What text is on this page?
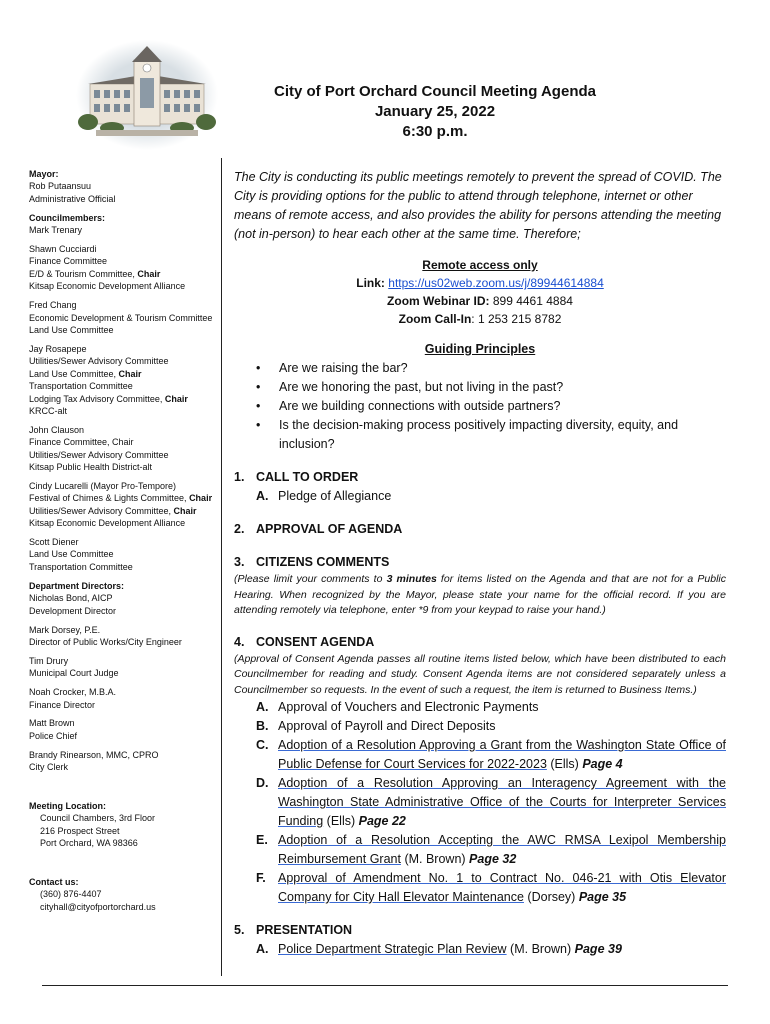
City of Port Orchard Council Meeting Agenda
January 25, 2022
6:30 p.m.
Mayor:
Rob Putaansuu
Administrative Official
Councilmembers:
Mark Trenary
Shawn Cucciardi
Finance Committee
E/D & Tourism Committee, Chair
Kitsap Economic Development Alliance
Fred Chang
Economic Development & Tourism Committee
Land Use Committee
Jay Rosapepe
Utilities/Sewer Advisory Committee
Land Use Committee, Chair
Transportation Committee
Lodging Tax Advisory Committee, Chair
KRCC-alt
John Clauson
Finance Committee, Chair
Utilities/Sewer Advisory Committee
Kitsap Public Health District-alt
Cindy Lucarelli (Mayor Pro-Tempore)
Festival of Chimes & Lights Committee, Chair
Utilities/Sewer Advisory Committee, Chair
Kitsap Economic Development Alliance
Scott Diener
Land Use Committee
Transportation Committee
Department Directors:
Nicholas Bond, AICP
Development Director
Mark Dorsey, P.E.
Director of Public Works/City Engineer
Tim Drury
Municipal Court Judge
Noah Crocker, M.B.A.
Finance Director
Matt Brown
Police Chief
Brandy Rinearson, MMC, CPRO
City Clerk
Meeting Location:
Council Chambers, 3rd Floor
216 Prospect Street
Port Orchard, WA 98366
Contact us:
(360) 876-4407
cityhall@cityofportorchard.us

The City is conducting its public meetings remotely to prevent the spread of COVID. The City is providing options for the public to attend through telephone, internet or other means of remote access, and also provides the ability for persons attending the meeting (not in-person) to hear each other at the same time. Therefore;

Remote access only
Link: https://us02web.zoom.us/j/89944614884
Zoom Webinar ID: 899 4461 4884
Zoom Call-In: 1 253 215 8782
Guiding Principles
• Are we raising the bar?
• Are we honoring the past, but not living in the past?
• Are we building connections with outside partners?
• Is the decision-making process positively impacting diversity, equity, and inclusion?
1. CALL TO ORDER
A. Pledge of Allegiance
2. APPROVAL OF AGENDA
3. CITIZENS COMMENTS
(Please limit your comments to 3 minutes for items listed on the Agenda and that are not for a Public Hearing. When recognized by the Mayor, please state your name for the official record. If you are attending remotely via telephone, enter *9 from your keypad to raise your hand.)
4. CONSENT AGENDA
(Approval of Consent Agenda passes all routine items listed below, which have been distributed to each Councilmember for reading and study. Consent Agenda items are not considered separately unless a Councilmember so requests. In the event of such a request, the item is returned to Business Items.)
A. Approval of Vouchers and Electronic Payments
B. Approval of Payroll and Direct Deposits
C. Adoption of a Resolution Approving a Grant from the Washington State Office of Public Defense for Court Services for 2022-2023 (Ells) Page 4
D. Adoption of a Resolution Approving an Interagency Agreement with the Washington State Administrative Office of the Courts for Interpreter Services Funding (Ells) Page 22
E. Adoption of a Resolution Accepting the AWC RMSA Lexipol Membership Reimbursement Grant (M. Brown) Page 32
F. Approval of Amendment No. 1 to Contract No. 046-21 with Otis Elevator Company for City Hall Elevator Maintenance (Dorsey) Page 35
5. PRESENTATION
A. Police Department Strategic Plan Review (M. Brown) Page 39
